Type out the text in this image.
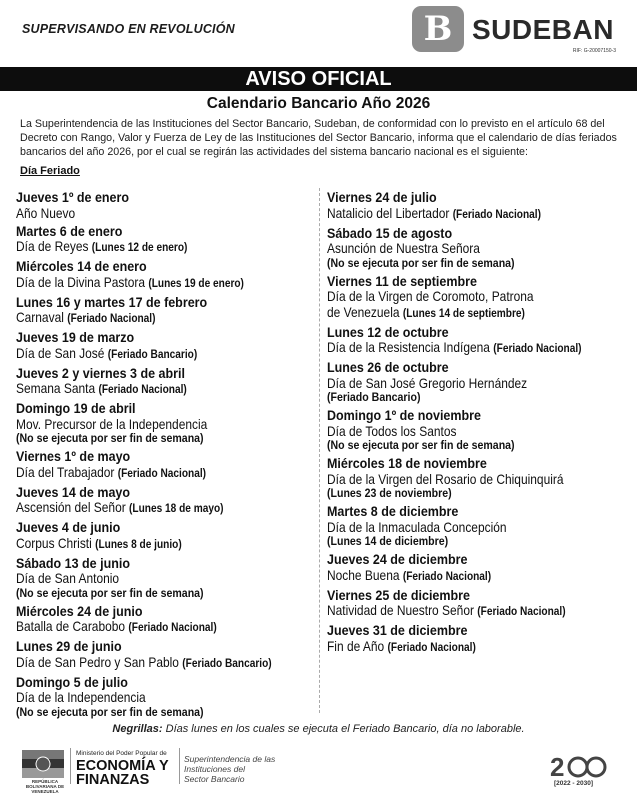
SUPERVISANDO EN REVOLUCIÓN	B SUDEBAN
RIF: G-20007150-3
AVISO OFICIAL
Calendario Bancario Año 2026
La Superintendencia de las Instituciones del Sector Bancario, Sudeban, de conformidad con lo previsto en el artículo 68 del Decreto con Rango, Valor y Fuerza de Ley de las Instituciones del Sector Bancario, informa que el calendario de días feriados bancarios del año 2026, por el cual se regirán las actividades del sistema bancario nacional es el siguiente:
Día Feriado
Jueves 1º de enero
Año Nuevo
Martes 6 de enero
Día de Reyes (Lunes 12 de enero)
Miércoles 14 de enero
Día de la Divina Pastora (Lunes 19 de enero)
Lunes 16 y martes 17 de febrero
Carnaval (Feriado Nacional)
Jueves 19 de marzo
Día de San José (Feriado Bancario)
Jueves 2 y viernes 3 de abril
Semana Santa (Feriado Nacional)
Domingo 19 de abril
Mov. Precursor de la Independencia
(No se ejecuta por ser fin de semana)
Viernes 1º de mayo
Día del Trabajador (Feriado Nacional)
Jueves 14 de mayo
Ascensión del Señor (Lunes 18 de mayo)
Jueves 4 de junio
Corpus Christi (Lunes 8 de junio)
Sábado 13 de junio
Día de San Antonio
(No se ejecuta por ser fin de semana)
Miércoles 24 de junio
Batalla de Carabobo (Feriado Nacional)
Lunes 29 de junio
Día de San Pedro y San Pablo (Feriado Bancario)
Domingo 5 de julio
Día de la Independencia
(No se ejecuta por ser fin de semana)
Viernes 24 de julio
Natalicio del Libertador (Feriado Nacional)
Sábado 15 de agosto
Asunción de Nuestra Señora
(No se ejecuta por ser fin de semana)
Viernes 11 de septiembre
Día de la Virgen de Coromoto, Patrona
de Venezuela (Lunes 14 de septiembre)
Lunes 12 de octubre
Día de la Resistencia Indígena (Feriado Nacional)
Lunes 26 de octubre
Día de San José Gregorio Hernández
(Feriado Bancario)
Domingo 1º de noviembre
Día de Todos los Santos
(No se ejecuta por ser fin de semana)
Miércoles 18 de noviembre
Día de la Virgen del Rosario de Chiquinquirá
(Lunes 23 de noviembre)
Martes 8 de diciembre
Día de la Inmaculada Concepción
(Lunes 14 de diciembre)
Jueves 24 de diciembre
Noche Buena (Feriado Nacional)
Viernes 25 de diciembre
Natividad de Nuestro Señor (Feriado Nacional)
Jueves 31 de diciembre
Fin de Año (Feriado Nacional)
Negrillas: Días lunes en los cuales se ejecuta el Feriado Bancario, día no laborable.
REPÚBLICA BOLIVARIANA DE VENEZUELA
Ministerio del Poder Popular de
ECONOMÍA Y
FINANZAS
Superintendencia de las
Instituciones del
Sector Bancario	2
[2022 - 2030]
